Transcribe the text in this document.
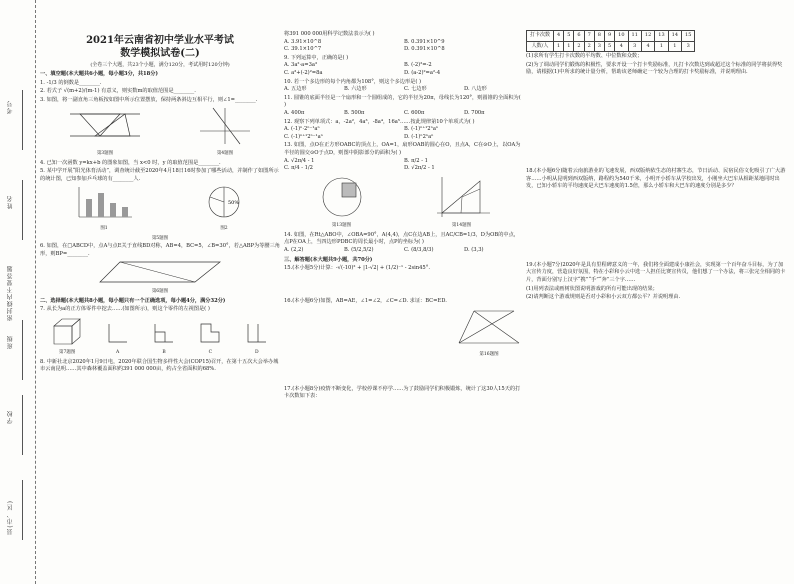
考号
姓名
密封线内不要答题
班级
学校
县(市、区)
2021年云南省初中学业水平考试
数学模拟试卷(二)
(全卷三个大题，共23个小题，满分120分，考试用时120分钟)
一、填空题(本大题共6小题，每小题3分，共18分)
1. -1/3 的倒数是________.
2. 若式子 √(m+2)/(m-1) 有意义，则实数m的取值范围是________.
3. 如图，将一副直角三角板按如图中所示位置摆放，保持两条斜边互相平行，则∠1=________.
第3题图	第4题图
4. 已知一次函数 y=kx+b 的图象如图，当 x<0 时，y 的取值范围是________.
5. 某中学开展“阳光体育活动”，调查统计截至2020年4月18日16时参加了哪些活动，并制作了如图所示的统计图，已知参加乒乓球的有________人.
图1
50%
图2
第5题图
6. 如图，在□ABCD中，点A与点E关于直线BD对称，AB=4，BC=5，∠B=30°，若△ABP为等腰三角形，则BP=________.
第6题图
二、选择题(本大题共8小题，每小题只有一个正确选项，每小题4分，满分32分)
7. 从长为a的正方体零件中挖去……(如图所示)，则这个零件的左视图是( )
第7题图	A	B	C	D
8. 中新社北京2020年1月9日电，2020年联合国生物多样性大会(COP15)召开，在第十五次大会举办城市云南昆明……其中森林覆盖面积约391 000 000亩，约占全省面积的68%.
将391 000 000用科学记数法表示为( )
A. 3.91×10^8	B. 0.391×10^9
C. 39.1×10^7	D. 0.391×10^8
9. 下列运算中，正确的是( )
A. 3a²·a=3a³	B. (-2)²=-2
C. a³+(-2)²=8a	D. (a-2)²=a²-4
10. 若一个多边形的每个内角都为108°，则这个多边形是( )
A. 五边形	B. 六边形	C. 七边形	D. 八边形
11. 圆锥的底面半径是一个扇形和一个圆组成的，它的半径为20π，母线长为120°，则圆锥的全面积为( )
A. 400π	B. 500π	C. 600π	D. 700π
12. 观察下列单项式：a，-2a²，4a³，-8a⁴，16a⁵……按此规律第10个单项式为( )
A. (-1)ⁿ·2ⁿ⁻¹aⁿ	B. (-1)ⁿ⁺¹2ⁿaⁿ
C. (-1)ⁿ⁺¹2ⁿ⁻¹aⁿ	D. (-1)ⁿ2ⁿaⁿ
13. 如图，点O在正方形OABC的顶点上，OA=1，扇形OAB的圆心在O，且点A，C在⊙O上，以OA为半径的圆交⊙O于点D，则图中阴影部分的面积为( )
A. √2π/4 - 1	B. π/2 - 1
C. π/4 - 1/2	D. √2π/2 - 1
第13题图	第14题图
14. 如图，在Rt△ABO中，∠OBA=90°，A(4,4)，点C在边AB上，且AC/CB=1/3，D为OB的中点，点P在OA上，当四边形PDBC的周长最小时，点P的坐标为( )
A. (2,2)	B. (5/2,5/2)	C. (8/3,8/3)	D. (3,3)
三、解答题(本大题共9小题，共70分)
15.(本小题5分)计算：-√(-10)² + |1-√2| + (1/2)⁻¹ - 2sin45°.
16.(本小题6分)如图，AB=AE，∠1=∠2，∠C=∠D. 求证：BC=ED.
第16题图
17.(本小题8分)疫情不断变化，学校停课不停学……为了鼓励同学们积极锻炼，统计了这30人15天的打卡次数如下表：
打卡次数	4	5	6	7	8	9	10	11	12	13	14	15
人数/人	1	1	2	2	3	5	4	3	4	1	1	3
(1)求所有学生打卡次数的平均数、中位数和众数；
(2)为了调动同学们锻炼的积极性，要求开设一个打卡奖励标准，凡打卡次数达到或超过这个标准的同学将获得奖励，请根据(1)中所求的统计量分析，帮助该老师确定一个较为合理的打卡奖励标准，并说明理由.
18.(本小题6分)随着云南旅游业的飞速发展，西双版纳依生态的村寨生态，节日活动、民宿民俗文化吸引了广大游客……小明从昆明到西双版纳，路程约为540千米，小明开小轿车从学校出发，小刚坐大巴车从相距某地同时出发，已知小轿车的平均速度是大巴车速度的1.5倍，那么小轿车和大巴车的速度分别是多少？
19.(本小题7分)2020年是具有里程碑意义的一年，我们将全面建成小康社会，实现第一个百年奋斗目标，为了加大宣传力度，营造良好氛围，特在小彩和小云中选一人担任比赛宣传员，他们想了一个办法，将三张完全相同的卡片，背面分别写上汉字“携”“手”“奔”三个字……
(1)用列表法或画树状图说明游戏的所有可能出现的结果；
(2)请判断这个游戏规则是否对小彩和小云双方都公平？并说明理由.
